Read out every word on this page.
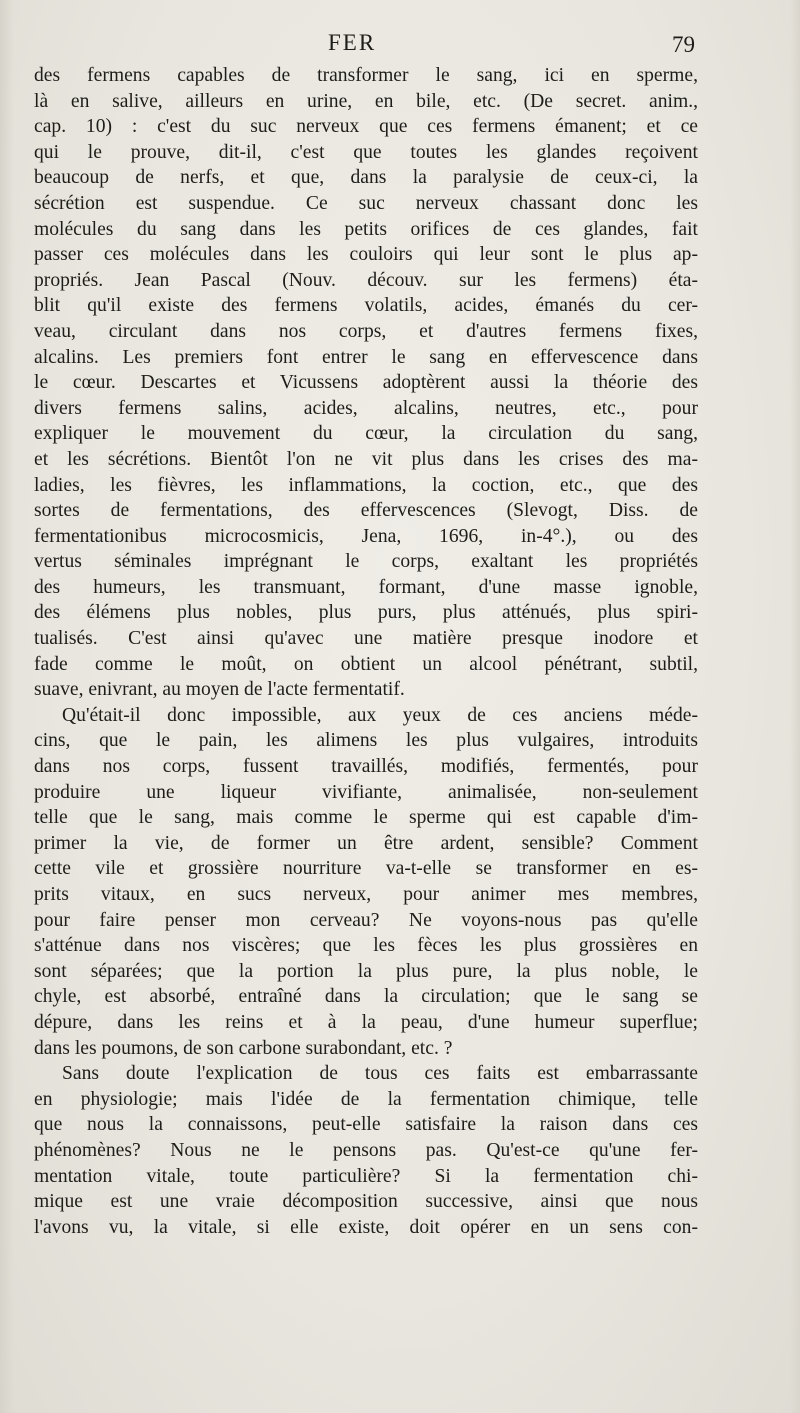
FER	79
des fermens capables de transformer le sang, ici en sperme,
là en salive, ailleurs en urine, en bile, etc. (De secret. anim.,
cap. 10) : c'est du suc nerveux que ces fermens émanent; et ce
qui le prouve, dit-il, c'est que toutes les glandes reçoivent
beaucoup de nerfs, et que, dans la paralysie de ceux-ci, la
sécrétion est suspendue. Ce suc nerveux chassant donc les
molécules du sang dans les petits orifices de ces glandes, fait
passer ces molécules dans les couloirs qui leur sont le plus ap-
propriés. Jean Pascal (Nouv. découv. sur les fermens) éta-
blit qu'il existe des fermens volatils, acides, émanés du cer-
veau, circulant dans nos corps, et d'autres fermens fixes,
alcalins. Les premiers font entrer le sang en effervescence dans
le cœur. Descartes et Vicussens adoptèrent aussi la théorie des
divers fermens salins, acides, alcalins, neutres, etc., pour
expliquer le mouvement du cœur, la circulation du sang,
et les sécrétions. Bientôt l'on ne vit plus dans les crises des ma-
ladies, les fièvres, les inflammations, la coction, etc., que des
sortes de fermentations, des effervescences (Slevogt, Diss. de
fermentationibus microcosmicis, Jena, 1696, in-4°.), ou des
vertus séminales imprégnant le corps, exaltant les propriétés
des humeurs, les transmuant, formant, d'une masse ignoble,
des élémens plus nobles, plus purs, plus atténués, plus spiri-
tualisés. C'est ainsi qu'avec une matière presque inodore et
fade comme le moût, on obtient un alcool pénétrant, subtil,
suave, enivrant, au moyen de l'acte fermentatif.
Qu'était-il donc impossible, aux yeux de ces anciens méde-
cins, que le pain, les alimens les plus vulgaires, introduits
dans nos corps, fussent travaillés, modifiés, fermentés, pour
produire une liqueur vivifiante, animalisée, non-seulement
telle que le sang, mais comme le sperme qui est capable d'im-
primer la vie, de former un être ardent, sensible? Comment
cette vile et grossière nourriture va-t-elle se transformer en es-
prits vitaux, en sucs nerveux, pour animer mes membres,
pour faire penser mon cerveau? Ne voyons-nous pas qu'elle
s'atténue dans nos viscères; que les fèces les plus grossières en
sont séparées; que la portion la plus pure, la plus noble, le
chyle, est absorbé, entraîné dans la circulation; que le sang se
dépure, dans les reins et à la peau, d'une humeur superflue;
dans les poumons, de son carbone surabondant, etc. ?
Sans doute l'explication de tous ces faits est embarrassante
en physiologie; mais l'idée de la fermentation chimique, telle
que nous la connaissons, peut-elle satisfaire la raison dans ces
phénomènes? Nous ne le pensons pas. Qu'est-ce qu'une fer-
mentation vitale, toute particulière? Si la fermentation chi-
mique est une vraie décomposition successive, ainsi que nous
l'avons vu, la vitale, si elle existe, doit opérer en un sens con-
